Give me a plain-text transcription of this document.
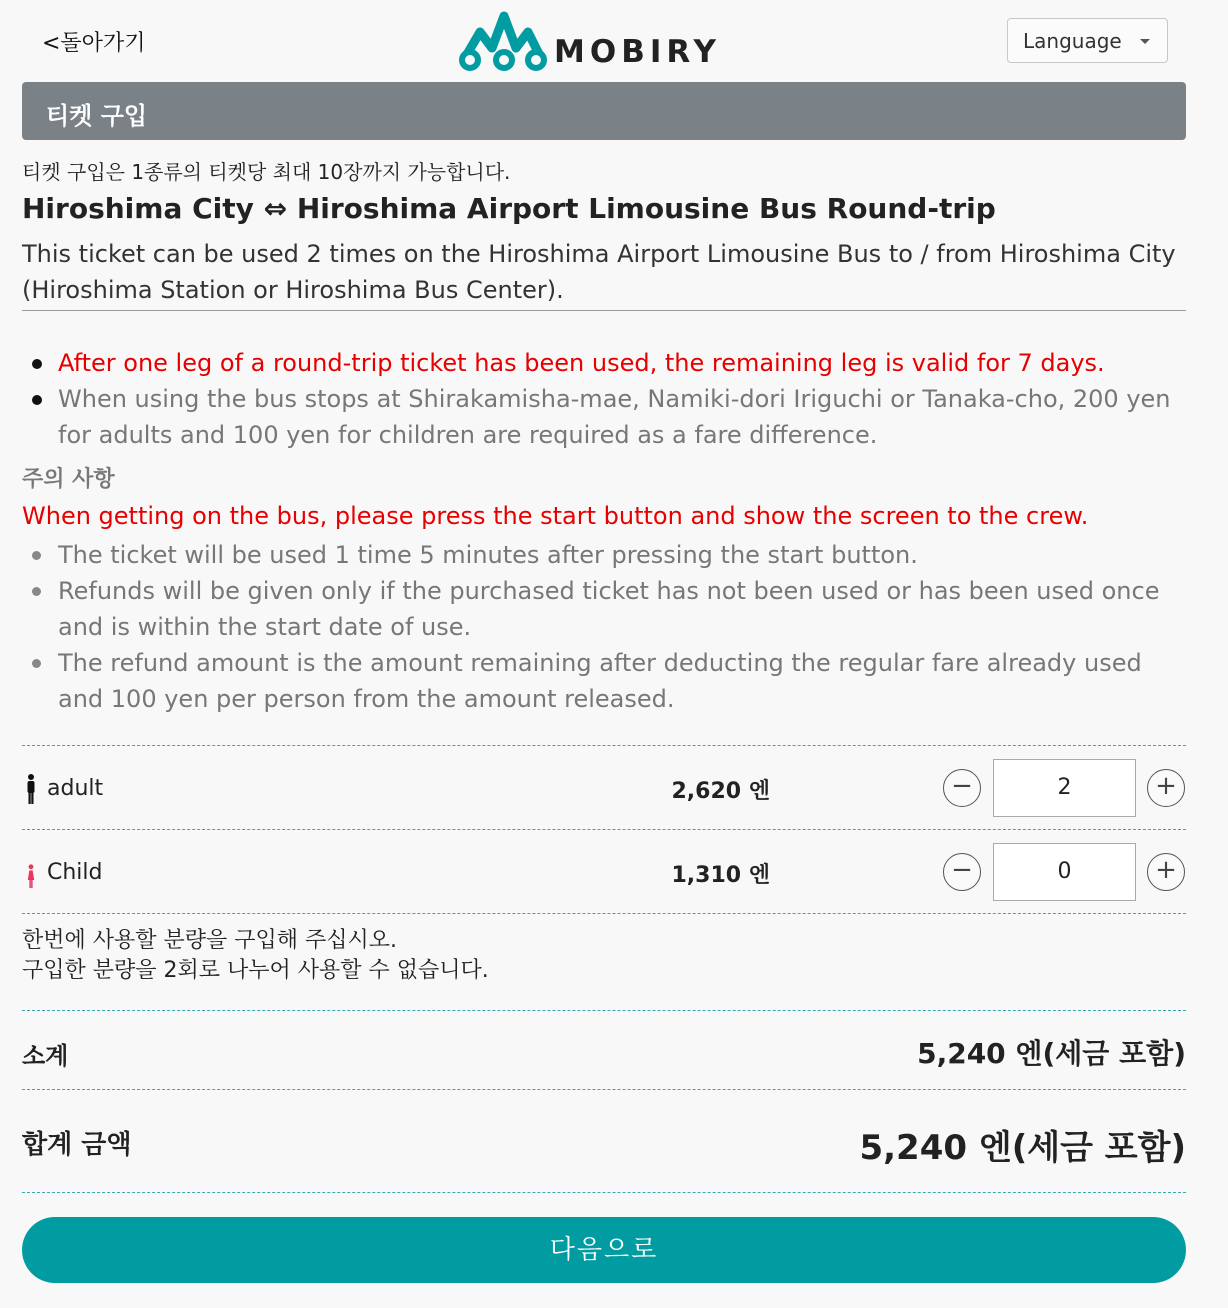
<돌아가기	MOBIRY	Language
티켓 구입
티켓 구입은 1종류의 티켓당 최대 10장까지 가능합니다.
Hiroshima City ⇔ Hiroshima Airport Limousine Bus Round-trip
This ticket can be used 2 times on the Hiroshima Airport Limousine Bus to / from Hiroshima City (Hiroshima Station or Hiroshima Bus Center).
After one leg of a round-trip ticket has been used, the remaining leg is valid for 7 days.
When using the bus stops at Shirakamisha-mae, Namiki-dori Iriguchi or Tanaka-cho, 200 yen for adults and 100 yen for children are required as a fare difference.
주의 사항
When getting on the bus, please press the start button and show the screen to the crew.
The ticket will be used 1 time 5 minutes after pressing the start button.
Refunds will be given only if the purchased ticket has not been used or has been used once and is within the start date of use.
The refund amount is the amount remaining after deducting the regular fare already used and 100 yen per person from the amount released.
adult	2,620 엔	−	2	+
Child	1,310 엔	−	0	+
한번에 사용할 분량을 구입해 주십시오.
구입한 분량을 2회로 나누어 사용할 수 없습니다.
소계	5,240 엔(세금 포함)
합계 금액	5,240 엔(세금 포함)
다음으로
